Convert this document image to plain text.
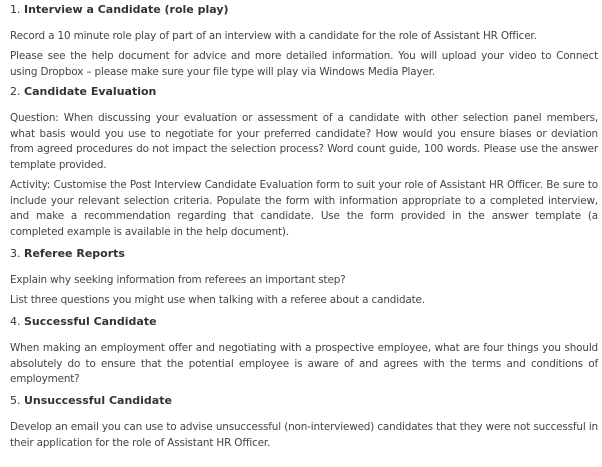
1. Interview a Candidate (role play)
Record a 10 minute role play of part of an interview with a candidate for the role of Assistant HR Officer.
Please see the help document for advice and more detailed information. You will upload your video to Connect using Dropbox – please make sure your file type will play via Windows Media Player.
2. Candidate Evaluation
Question: When discussing your evaluation or assessment of a candidate with other selection panel members, what basis would you use to negotiate for your preferred candidate? How would you ensure biases or deviation from agreed procedures do not impact the selection process? Word count guide, 100 words. Please use the answer template provided.
Activity: Customise the Post Interview Candidate Evaluation form to suit your role of Assistant HR Officer. Be sure to include your relevant selection criteria. Populate the form with information appropriate to a completed interview, and make a recommendation regarding that candidate. Use the form provided in the answer template (a completed example is available in the help document).
3. Referee Reports
Explain why seeking information from referees an important step?
List three questions you might use when talking with a referee about a candidate.
4. Successful Candidate
When making an employment offer and negotiating with a prospective employee, what are four things you should absolutely do to ensure that the potential employee is aware of and agrees with the terms and conditions of employment?
5. Unsuccessful Candidate
Develop an email you can use to advise unsuccessful (non-interviewed) candidates that they were not successful in their application for the role of Assistant HR Officer.
